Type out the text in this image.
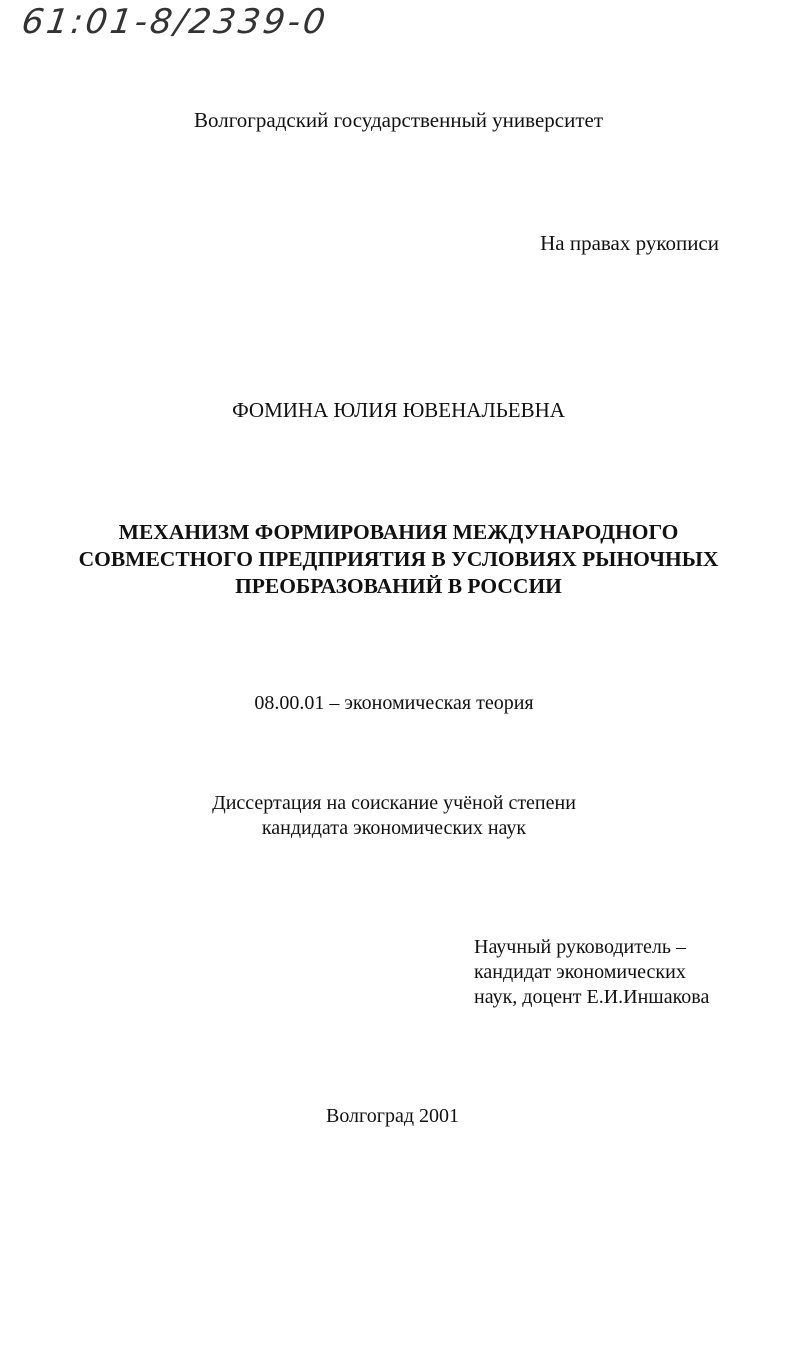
61:01-8/2339-0
Волгоградский государственный университет
На правах рукописи
ФОМИНА ЮЛИЯ ЮВЕНАЛЬЕВНА
МЕХАНИЗМ ФОРМИРОВАНИЯ МЕЖДУНАРОДНОГО
СОВМЕСТНОГО ПРЕДПРИЯТИЯ В УСЛОВИЯХ РЫНОЧНЫХ
ПРЕОБРАЗОВАНИЙ В РОССИИ
08.00.01 – экономическая теория
Диссертация на соискание учёной степени
кандидата экономических наук
Научный руководитель –
кандидат экономических
наук, доцент Е.И.Иншакова
Волгоград 2001
